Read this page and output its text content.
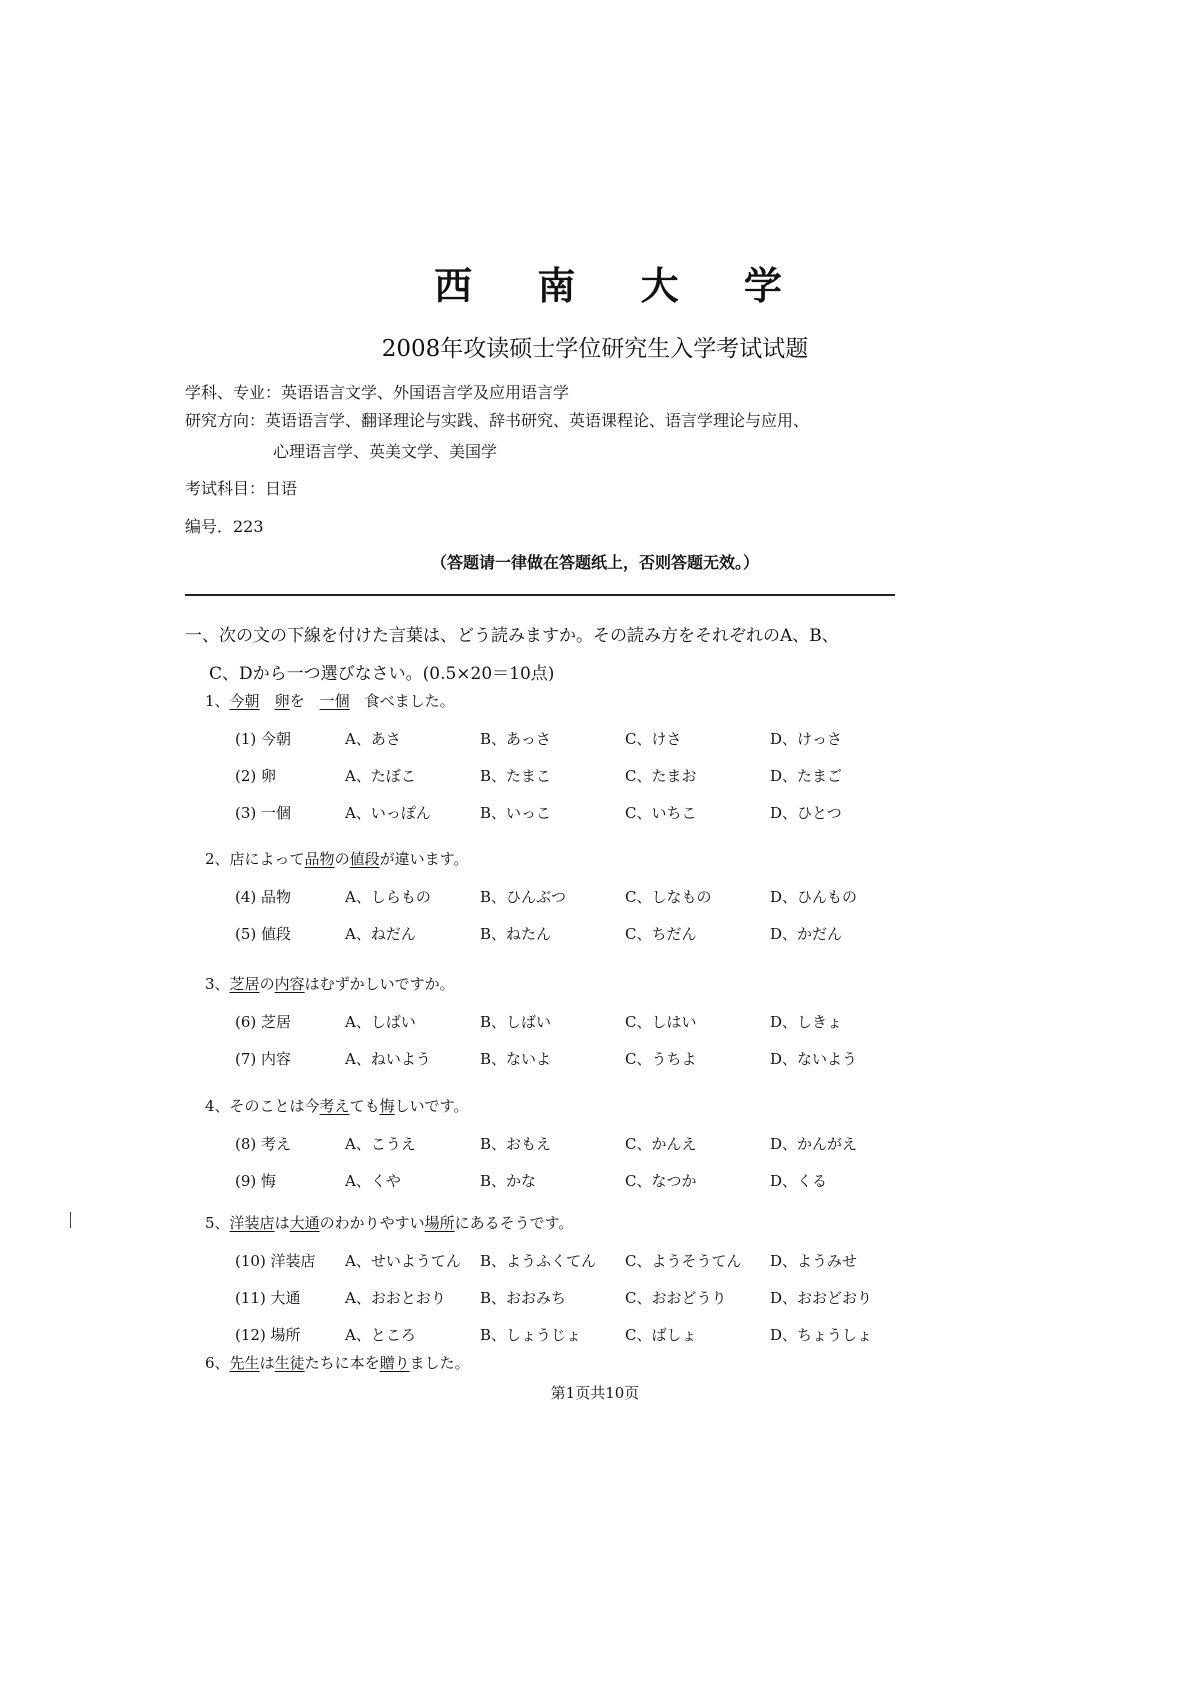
西 南 大 学
2008年攻读硕士学位研究生入学考试试题
学科、专业：英语语言文学、外国语言学及应用语言学
研究方向：英语语言学、翻译理论与实践、辞书研究、英语课程论、语言学理论与应用、
心理语言学、英美文学、美国学
考试科目：日语
编号．223
（答题请一律做在答题纸上，否则答题无效。）
一、次の文の下線を付けた言葉は、どう読みますか。その読み方をそれぞれのA、B、
C、Dから一つ選びなさい。(0.5×20＝10点)
1、今朝　 卵を　一個　食べました。
(1) 今朝	A、あさ	B、あっさ	C、けさ	D、けっさ
(2) 卵	A、たぼこ	B、たまこ	C、たまお	D、たまご
(3) 一個	A、いっぽん	B、いっこ	C、いちこ	D、ひとつ
2、店によって品物の値段が違います。
(4) 品物	A、しらもの	B、ひんぶつ	C、しなもの	D、ひんもの
(5) 値段	A、ねだん	B、ねたん	C、ちだん	D、かだん
3、芝居の内容はむずかしいですか。
(6) 芝居	A、しばい	B、しばい	C、しはい	D、しきょ
(7) 内容	A、ねいよう	B、ないよ	C、うちよ	D、ないよう
4、そのことは今考えても悔しいです。
(8) 考え	A、こうえ	B、おもえ	C、かんえ	D、かんがえ
(9) 悔	A、くや	B、かな	C、なつか	D、くる
5、洋装店は大通のわかりやすい場所にあるそうです。
(10) 洋装店 A、せいようてん B、ようふくてん C、ようそうてん D、ようみせ
(11) 大通	A、おおとおり B、おおみち	C、おおどうり	D、おおどおり
(12) 場所	A、ところ	B、しょうじょ	C、ばしょ	D、ちょうしょ
6、先生は生徒たちに本を贈りました。
第1页共10页
